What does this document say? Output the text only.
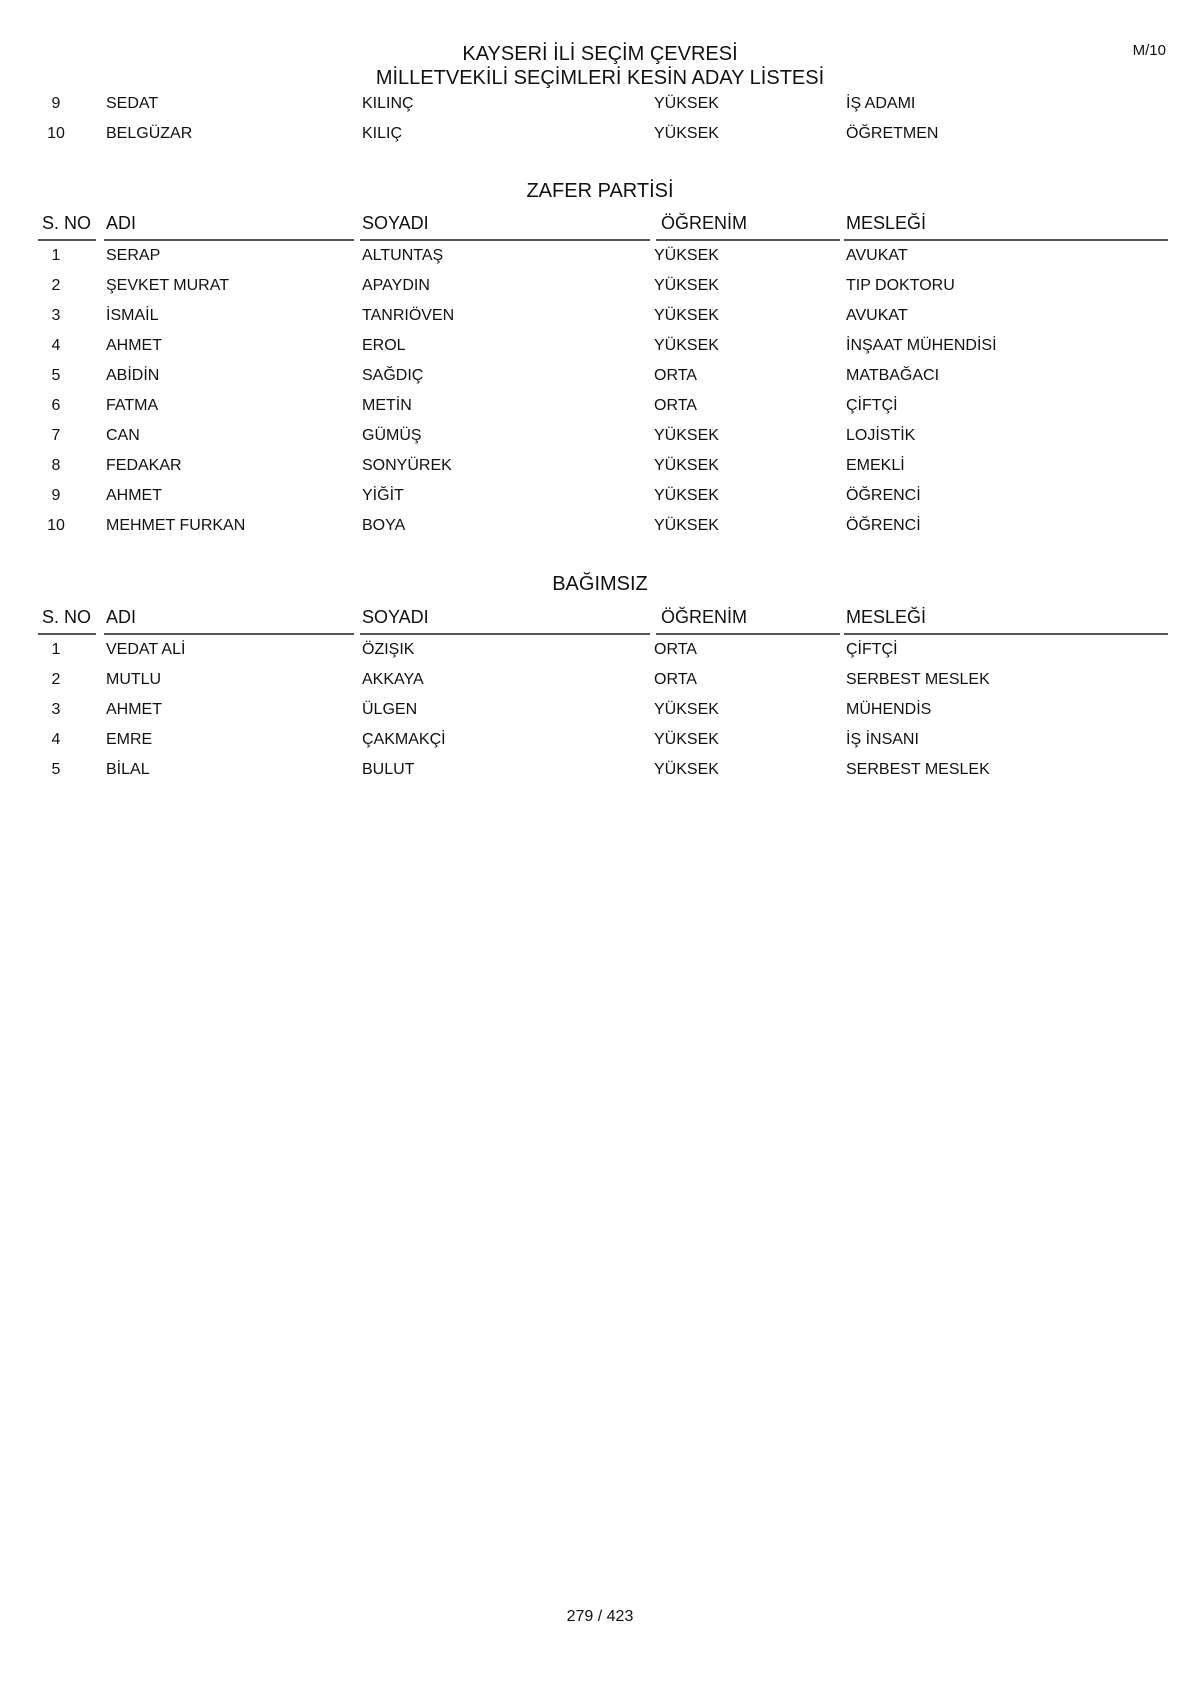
M/10
KAYSERİ İLİ SEÇİM ÇEVRESİ
MİLLETVEKİLİ SEÇİMLERİ KESİN ADAY LİSTESİ
9	SEDAT	KILINÇ	YÜKSEK	İŞ ADAMI
10	BELGÜZAR	KILIÇ	YÜKSEK	ÖĞRETMEN
ZAFER PARTİSİ
S. NO ADI	SOYADI	ÖĞRENİM	MESLEĞİ
1	SERAP	ALTUNTAŞ	YÜKSEK	AVUKAT
2	ŞEVKET MURAT	APAYDIN	YÜKSEK	TIP DOKTORU
3	İSMAİL	TANRIÖVEN	YÜKSEK	AVUKAT
4	AHMET	EROL	YÜKSEK	İNŞAAT MÜHENDİSİ
5	ABİDİN	SAĞDIÇ	ORTA	MATBAĞACI
6	FATMA	METİN	ORTA	ÇİFTÇİ
7	CAN	GÜMÜŞ	YÜKSEK	LOJİSTİK
8	FEDAKAR	SONYÜREK	YÜKSEK	EMEKLİ
9	AHMET	YİĞİT	YÜKSEK	ÖĞRENCİ
10	MEHMET FURKAN	BOYA	YÜKSEK	ÖĞRENCİ
BAĞIMSIZ
S. NO ADI	SOYADI	ÖĞRENİM	MESLEĞİ
1	VEDAT ALİ	ÖZIŞIK	ORTA	ÇİFTÇİ
2	MUTLU	AKKAYA	ORTA	SERBEST MESLEK
3	AHMET	ÜLGEN	YÜKSEK	MÜHENDİS
4	EMRE	ÇAKMAKÇİ	YÜKSEK	İŞ İNSANI
5	BİLAL	BULUT	YÜKSEK	SERBEST MESLEK
279 / 423
